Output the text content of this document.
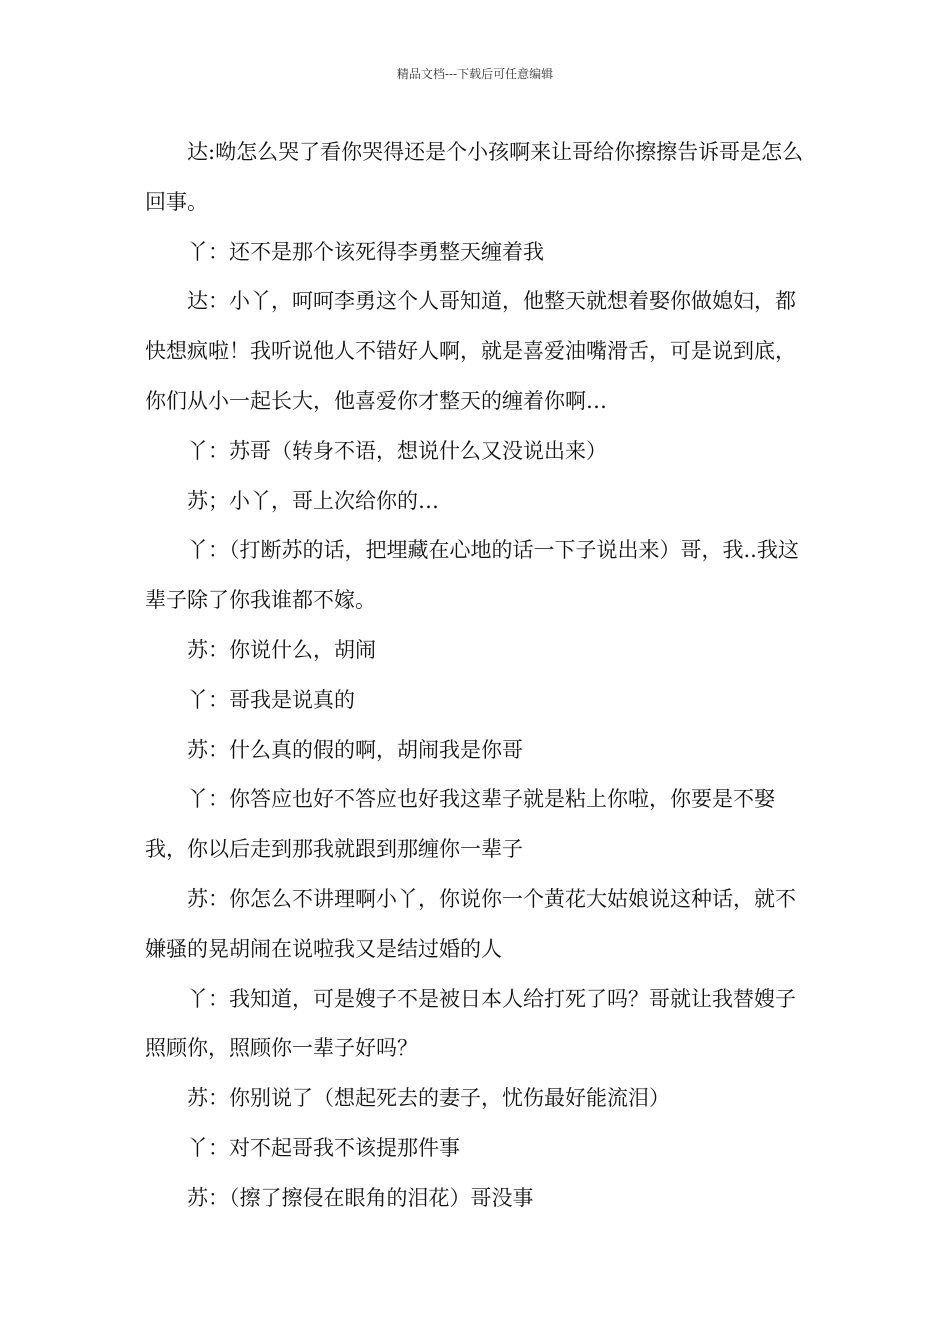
精品文档---下载后可任意编辑

达:呦怎么哭了看你哭得还是个小孩啊来让哥给你擦擦告诉哥是怎么回事。

丫：还不是那个该死得李勇整天缠着我

达：小丫，呵呵李勇这个人哥知道，他整天就想着娶你做媳妇，都快想疯啦！我听说他人不错好人啊，就是喜爱油嘴滑舌，可是说到底，你们从小一起长大，他喜爱你才整天的缠着你啊…

丫：苏哥（转身不语，想说什么又没说出来）

苏；小丫，哥上次给你的…

丫：（打断苏的话，把埋藏在心地的话一下子说出来）哥，我..我这辈子除了你我谁都不嫁。

苏：你说什么，胡闹

丫：哥我是说真的

苏：什么真的假的啊，胡闹我是你哥

丫：你答应也好不答应也好我这辈子就是粘上你啦，你要是不娶我，你以后走到那我就跟到那缠你一辈子

苏：你怎么不讲理啊小丫，你说你一个黄花大姑娘说这种话，就不嫌骚的晃胡闹在说啦我又是结过婚的人

丫：我知道，可是嫂子不是被日本人给打死了吗？哥就让我替嫂子照顾你，照顾你一辈子好吗？

苏：你别说了（想起死去的妻子，忧伤最好能流泪）

丫：对不起哥我不该提那件事

苏：（擦了擦侵在眼角的泪花）哥没事
